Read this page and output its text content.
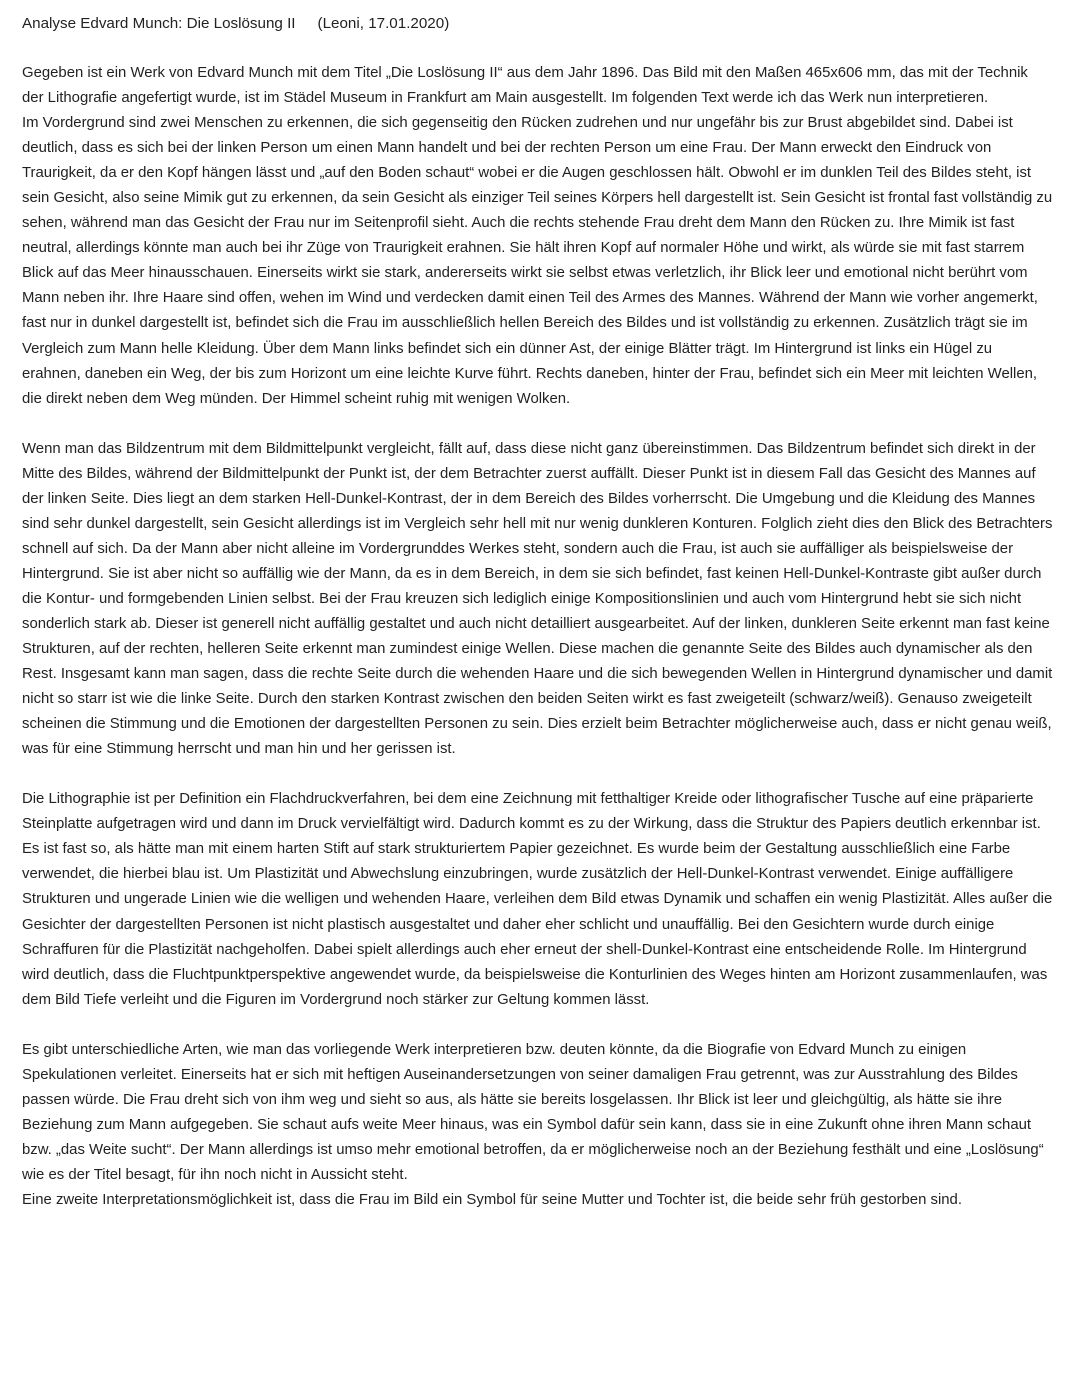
Analyse Edvard Munch: Die Loslösung II (Leoni, 17.01.2020)
Gegeben ist ein Werk von Edvard Munch mit dem Titel „Die Loslösung II“ aus dem Jahr 1896. Das Bild mit den Maßen 465x606 mm, das mit der Technik der Lithografie angefertigt wurde, ist im Städel Museum in Frankfurt am Main ausgestellt. Im folgenden Text werde ich das Werk nun interpretieren.
Im Vordergrund sind zwei Menschen zu erkennen, die sich gegenseitig den Rücken zudrehen und nur ungefähr bis zur Brust abgebildet sind. Dabei ist deutlich, dass es sich bei der linken Person um einen Mann handelt und bei der rechten Person um eine Frau. Der Mann erweckt den Eindruck von Traurigkeit, da er den Kopf hängen lässt und „auf den Boden schaut“ wobei er die Augen geschlossen hält. Obwohl er im dunklen Teil des Bildes steht, ist sein Gesicht, also seine Mimik gut zu erkennen, da sein Gesicht als einziger Teil seines Körpers hell dargestellt ist. Sein Gesicht ist frontal fast vollständig zu sehen, während man das Gesicht der Frau nur im Seitenprofil sieht. Auch die rechts stehende Frau dreht dem Mann den Rücken zu. Ihre Mimik ist fast neutral, allerdings könnte man auch bei ihr Züge von Traurigkeit erahnen. Sie hält ihren Kopf auf normaler Höhe und wirkt, als würde sie mit fast starrem Blick auf das Meer hinausschauen. Einerseits wirkt sie stark, andererseits wirkt sie selbst etwas verletzlich, ihr Blick leer und emotional nicht berührt vom Mann neben ihr. Ihre Haare sind offen, wehen im Wind und verdecken damit einen Teil des Armes des Mannes. Während der Mann wie vorher angemerkt, fast nur in dunkel dargestellt ist, befindet sich die Frau im ausschließlich hellen Bereich des Bildes und ist vollständig zu erkennen. Zusätzlich trägt sie im Vergleich zum Mann helle Kleidung. Über dem Mann links befindet sich ein dünner Ast, der einige Blätter trägt. Im Hintergrund ist links ein Hügel zu erahnen, daneben ein Weg, der bis zum Horizont um eine leichte Kurve führt. Rechts daneben, hinter der Frau, befindet sich ein Meer mit leichten Wellen, die direkt neben dem Weg münden. Der Himmel scheint ruhig mit wenigen Wolken.
Wenn man das Bildzentrum mit dem Bildmittelpunkt vergleicht, fällt auf, dass diese nicht ganz übereinstimmen. Das Bildzentrum befindet sich direkt in der Mitte des Bildes, während der Bildmittelpunkt der Punkt ist, der dem Betrachter zuerst auffällt. Dieser Punkt ist in diesem Fall das Gesicht des Mannes auf der linken Seite. Dies liegt an dem starken Hell-Dunkel-Kontrast, der in dem Bereich des Bildes vorherrscht. Die Umgebung und die Kleidung des Mannes sind sehr dunkel dargestellt, sein Gesicht allerdings ist im Vergleich sehr hell mit nur wenig dunkleren Konturen. Folglich zieht dies den Blick des Betrachters schnell auf sich. Da der Mann aber nicht alleine im Vordergrunddes Werkes steht, sondern auch die Frau, ist auch sie auffälliger als beispielsweise der Hintergrund. Sie ist aber nicht so auffällig wie der Mann, da es in dem Bereich, in dem sie sich befindet, fast keinen Hell-Dunkel-Kontraste gibt außer durch die Kontur- und formgebenden Linien selbst. Bei der Frau kreuzen sich lediglich einige Kompositionslinien und auch vom Hintergrund hebt sie sich nicht sonderlich stark ab. Dieser ist generell nicht auffällig gestaltet und auch nicht detailliert ausgearbeitet. Auf der linken, dunkleren Seite erkennt man fast keine Strukturen, auf der rechten, helleren Seite erkennt man zumindest einige Wellen. Diese machen die genannte Seite des Bildes auch dynamischer als den Rest. Insgesamt kann man sagen, dass die rechte Seite durch die wehenden Haare und die sich bewegenden Wellen in Hintergrund dynamischer und damit nicht so starr ist wie die linke Seite. Durch den starken Kontrast zwischen den beiden Seiten wirkt es fast zweigeteilt (schwarz/weiß). Genauso zweigeteilt scheinen die Stimmung und die Emotionen der dargestellten Personen zu sein. Dies erzielt beim Betrachter möglicherweise auch, dass er nicht genau weiß, was für eine Stimmung herrscht und man hin und her gerissen ist.
Die Lithographie ist per Definition ein Flachdruckverfahren, bei dem eine Zeichnung mit fetthaltiger Kreide oder lithografischer Tusche auf eine präparierte Steinplatte aufgetragen wird und dann im Druck vervielfältigt wird. Dadurch kommt es zu der Wirkung, dass die Struktur des Papiers deutlich erkennbar ist. Es ist fast so, als hätte man mit einem harten Stift auf stark strukturiertem Papier gezeichnet. Es wurde beim der Gestaltung ausschließlich eine Farbe verwendet, die hierbei blau ist. Um Plastizität und Abwechslung einzubringen, wurde zusätzlich der Hell-Dunkel-Kontrast verwendet. Einige auffälligere Strukturen und ungerade Linien wie die welligen und wehenden Haare, verleihen dem Bild etwas Dynamik und schaffen ein wenig Plastizität. Alles außer die Gesichter der dargestellten Personen ist nicht plastisch ausgestaltet und daher eher schlicht und unauffällig. Bei den Gesichtern wurde durch einige Schraffuren für die Plastizität nachgeholfen. Dabei spielt allerdings auch eher erneut der shell-Dunkel-Kontrast eine entscheidende Rolle. Im Hintergrund wird deutlich, dass die Fluchtpunktperspektive angewendet wurde, da beispielsweise die Konturlinien des Weges hinten am Horizont zusammenlaufen, was dem Bild Tiefe verleiht und die Figuren im Vordergrund noch stärker zur Geltung kommen lässt.
Es gibt unterschiedliche Arten, wie man das vorliegende Werk interpretieren bzw. deuten könnte, da die Biografie von Edvard Munch zu einigen Spekulationen verleitet. Einerseits hat er sich mit heftigen Auseinandersetzungen von seiner damaligen Frau getrennt, was zur Ausstrahlung des Bildes passen würde. Die Frau dreht sich von ihm weg und sieht so aus, als hätte sie bereits losgelassen. Ihr Blick ist leer und gleichgültig, als hätte sie ihre Beziehung zum Mann aufgegeben. Sie schaut aufs weite Meer hinaus, was ein Symbol dafür sein kann, dass sie in eine Zukunft ohne ihren Mann schaut bzw. „das Weite sucht“. Der Mann allerdings ist umso mehr emotional betroffen, da er möglicherweise noch an der Beziehung festhält und eine „Loslösung“ wie es der Titel besagt, für ihn noch nicht in Aussicht steht.
Eine zweite Interpretationsmöglichkeit ist, dass die Frau im Bild ein Symbol für seine Mutter und Tochter ist, die beide sehr früh gestorben sind.
